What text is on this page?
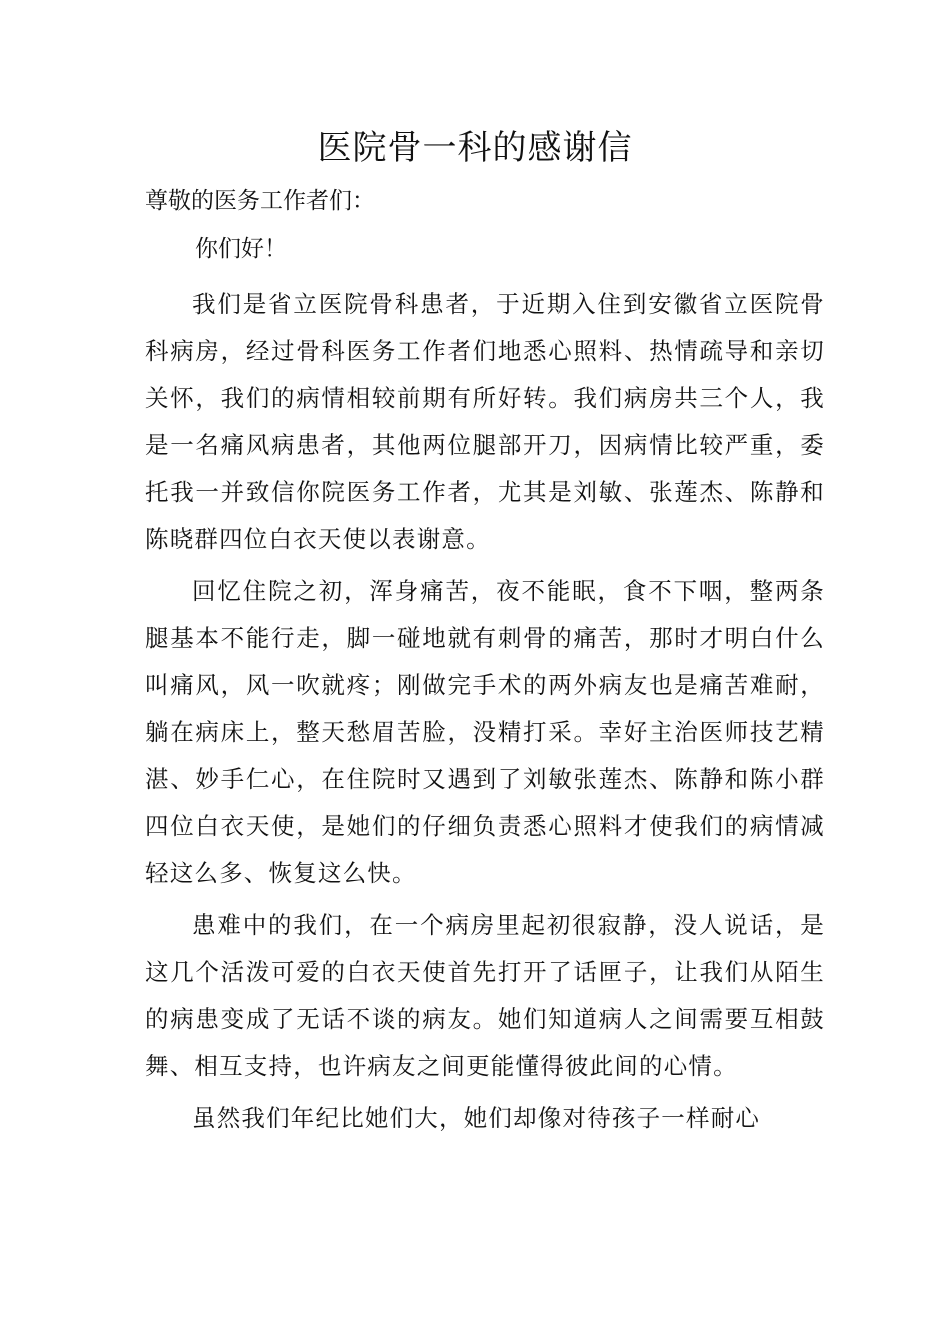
医院骨一科的感谢信

尊敬的医务工作者们：

你们好！

我们是省立医院骨科患者，于近期入住到安徽省立医院骨科病房，经过骨科医务工作者们地悉心照料、热情疏导和亲切关怀，我们的病情相较前期有所好转。我们病房共三个人，我是一名痛风病患者，其他两位腿部开刀，因病情比较严重，委托我一并致信你院医务工作者，尤其是刘敏、张莲杰、陈静和陈晓群四位白衣天使以表谢意。

回忆住院之初，浑身痛苦，夜不能眠，食不下咽，整两条腿基本不能行走，脚一碰地就有刺骨的痛苦，那时才明白什么叫痛风，风一吹就疼；刚做完手术的两外病友也是痛苦难耐，躺在病床上，整天愁眉苦脸，没精打采。幸好主治医师技艺精湛、妙手仁心，在住院时又遇到了刘敏张莲杰、陈静和陈小群四位白衣天使，是她们的仔细负责悉心照料才使我们的病情减轻这么多、恢复这么快。

患难中的我们，在一个病房里起初很寂静，没人说话，是这几个活泼可爱的白衣天使首先打开了话匣子，让我们从陌生的病患变成了无话不谈的病友。她们知道病人之间需要互相鼓舞、相互支持，也许病友之间更能懂得彼此间的心情。

虽然我们年纪比她们大，她们却像对待孩子一样耐心
